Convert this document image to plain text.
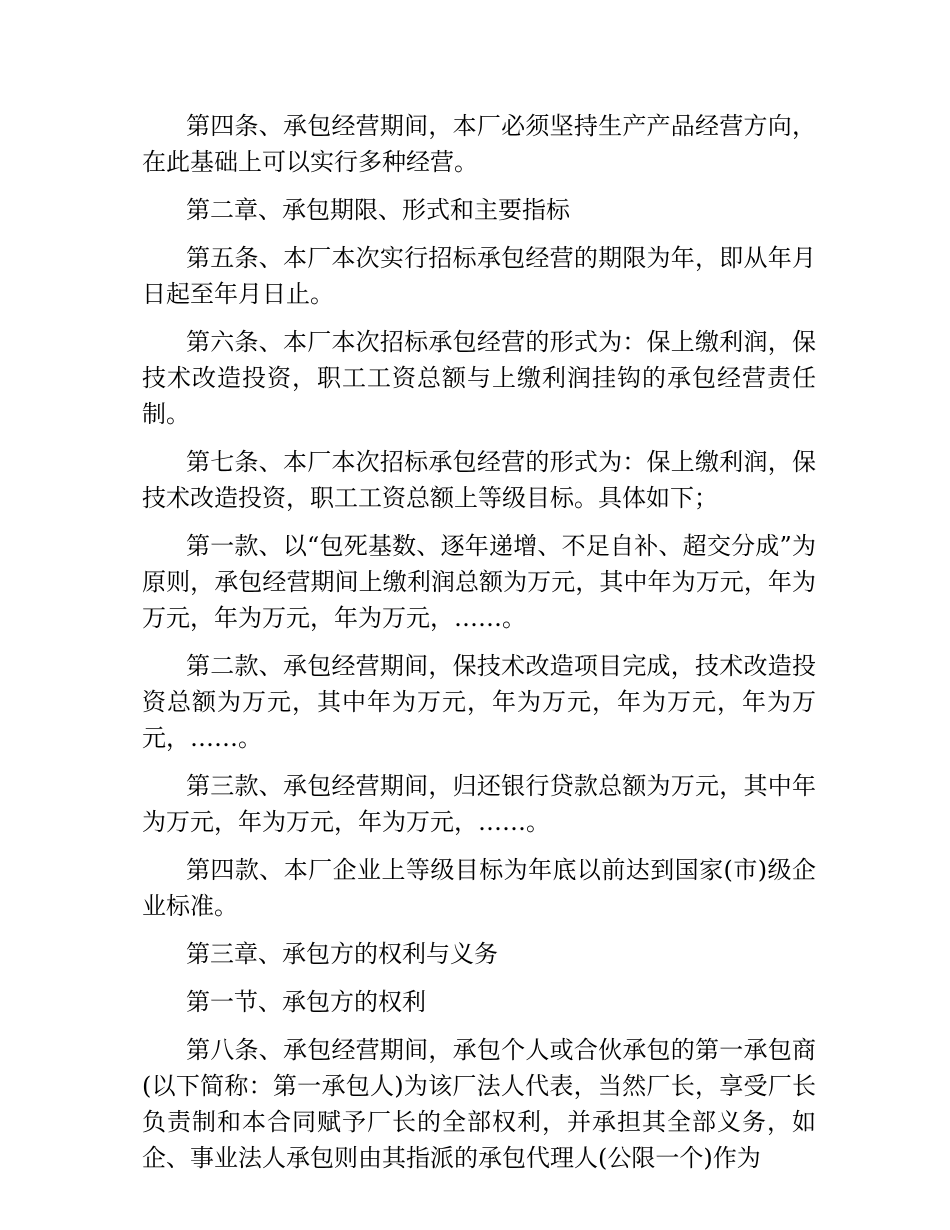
第四条、承包经营期间，本厂必须坚持生产产品经营方向，在此基础上可以实行多种经营。

第二章、承包期限、形式和主要指标

第五条、本厂本次实行招标承包经营的期限为年，即从年月日起至年月日止。

第六条、本厂本次招标承包经营的形式为：保上缴利润，保技术改造投资，职工工资总额与上缴利润挂钩的承包经营责任制。

第七条、本厂本次招标承包经营的形式为：保上缴利润，保技术改造投资，职工工资总额上等级目标。具体如下；

第一款、以“包死基数、逐年递增、不足自补、超交分成”为原则，承包经营期间上缴利润总额为万元，其中年为万元，年为万元，年为万元，年为万元，……。

第二款、承包经营期间，保技术改造项目完成，技术改造投资总额为万元，其中年为万元，年为万元，年为万元，年为万元，……。

第三款、承包经营期间，归还银行贷款总额为万元，其中年为万元，年为万元，年为万元，……。

第四款、本厂企业上等级目标为年底以前达到国家(市)级企业标准。

第三章、承包方的权利与义务

第一节、承包方的权利

第八条、承包经营期间，承包个人或合伙承包的第一承包商(以下简称：第一承包人)为该厂法人代表，当然厂长，享受厂长负责制和本合同赋予厂长的全部权利，并承担其全部义务，如企、事业法人承包则由其指派的承包代理人(公限一个)作为
